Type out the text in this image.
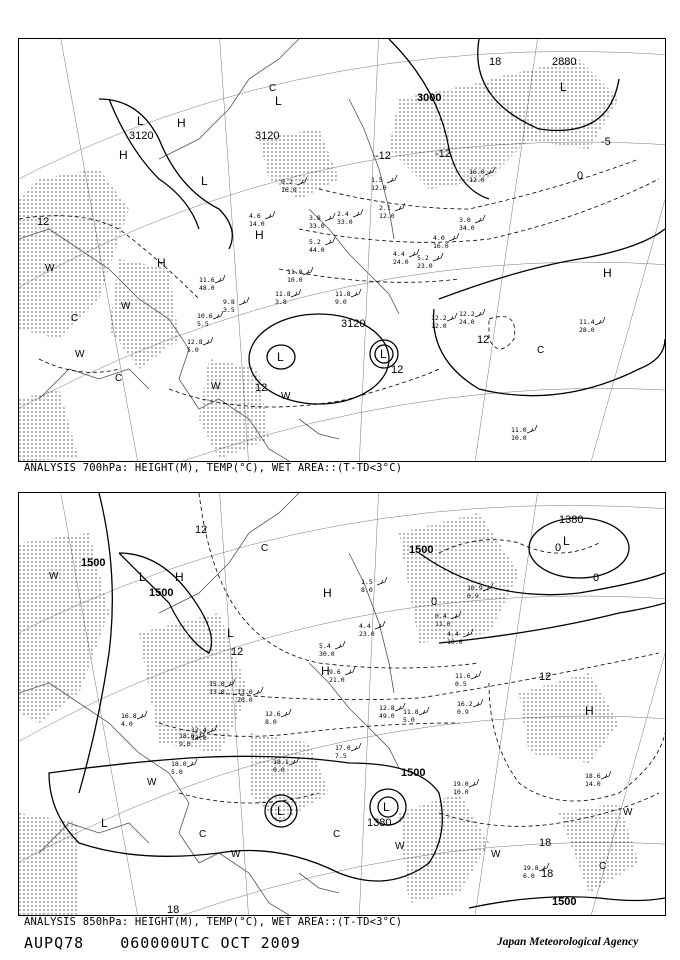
3000
3120	3120
3120
2880
12
12
12
12
-12
0
-5
18
-12
L
L
L
L	L
L
H
H
H
H
H
W
W
W
W
W
C
C
C
C
11.8
3.8
9.8
3.5
10.6
5.5
12.8
5.0
11.6
48.0
11.8
9.0
12.2
12.0
12.2
24.0	11.4
28.0
11.0
10.0
4.6
14.0
3.8
33.0
2.4
33.0
5.2
44.0	4.4
24.0 5.2
23.0
4.0
16.0
3.0
34.0
2.1
12.0
11.0
10.0
0.2
16.0
1.5
12.0
16.0
12.0
ANALYSIS 700hPa: HEIGHT(M), TEMP(°C), WET AREA::(T-TD<3°C)
1500
1500
1500
1500
1500
1380
1380
12
12
12
18
18
18
0
0
0
L
L
L	L
L
L
H
H
H
H
W
W
W
W
W
W
C
C	C
C
18.0
5.0
15.0
13.0 13.0
20.0
12.4
13.0
16.8
4.0
19.8
6.0
18.6
14.0
19.0
10.0
16.2
0.9
11.6
0.5
11.8
5.0
12.8
49.0
9.6
21.0
5.4
30.0
4.4
23.0
1.5
8.0
0.4
11.0
4.4
10.0
17.0
7.5
18.0
9.0
18.1
0.0
12.6
8.0
10.9
0.9
ANALYSIS 850hPa: HEIGHT(M), TEMP(°C), WET AREA::(T-TD<3°C)
AUPQ78 060000UTC OCT 2009	Japan Meteorological Agency
